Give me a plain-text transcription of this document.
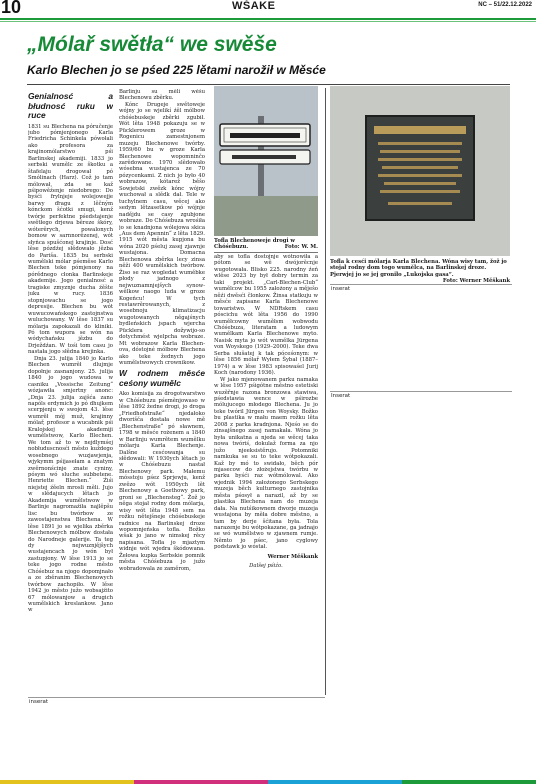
10	WŠAKE	NC – 51/22.12.2022
„Mólař swětła“ we swěše
Karlo Blechen jo se pśed 225 lětami narožił w Měsće
Genialnosć a błudnosć ruku w ruce

1831 su Blechena na póručenje jubo pómjenjonego Karla Friedricha Schinkela pówołali ako profesora za krajinomólarstwo pśi Barlinskej akademiji. 1833 jo serbski wumělc ze škotku a štafelaju drogował pó Smólinach (Harz). Což jo tam mólował, zda se kaž pśipowěźenje niedobrego: Do byśći frylnjeje wolejowejje barwy ďragu z lěčným kónckom šćotki smugi, kenž twórje perfektne pśedstajenje swětłego drjewa běreze škóry, wóterěrych, powalonych bomow w sarnnorězenej, wót słyńca spušćonej krajinje. Dosć lěse pózdźej słědowało jězba do Pariša. 1835 bu serbski wumělski mólar pśeměse Karlo Blechen teke pómjenony na pórědnego cłonka Barlinskeje akademije. Jogo genialnosć a tragiske zmyznje ducha źěšte juku w rucy. 1836 stopnjowachu se jogo depresije. Blechen bu wót wuwucowańskego zastojnstwa wuluchowany. W lěse 1837 su mólarja zapokazali do kliniki. Pó tom wupora se wón na wódychańsku jězbu do Drježdźan. W tośi tom casu jo nastała jogo słědna krejinka.

Dnja 23. julija 1840 jo Karlo Blechen wumrěł dlujmje dopołnje zasnanjony. 25. julija 1840 jo jogo wudowa w casniku „Vossische Zeitung“ wózjawiła smjertny anonc: „Dnja 23. julija zajšća zano napóls erdymich jo pó dhujkem scerpjenju w swojom 43. lěse wumrěł mój muž, krajinny mólař, profesor a wucabnik pśi Kralojskej akademiji wumělstwow, Karlo Blechen. We tom až to w nejdlymśej nobłuduscnosći město kuždego wosebnego wuzjawjenja, wjykymm pśijasełam a znatym zwěrnonścinje znate cyniny, pósym wó sluche subbetene. Henriette Blechen.“ Źiśi niejstej źěeln mrosli měli. Jujo w slědajucych lětach jo Akademija wumělstwow w Barlinje nagromaźiła najlěpšu lisc bu twórbow ze zawostajenstwa Blechena. W lěse 1891 jo se wjelika zběrka Blechenowych mólbow dostała do Narodneje galerije. Ta teg dy nejwuznjějšych wustajencach jo wón był zastupjony. W lěse 1913 jo se teke jogo rodne město Chóśebuz na njogo dopomjnało a ze zběranim Blechenowych twórbow zachopiło. W lěse 1942 jo město južo wobsajźito 67 mólowanjow a drugich wumělskich kreslankow. Jano w

Barlinju su měli wěšu Blechenowu zběrku.

Kónc Drugeje swětoweje wójny jo se wjelikí źěl mólbow chóśebuskeje zběrki zgubił. Wót lěta 1948 pokazuju se w Pücklerowem groze w Rogenicu zamestnjonem muzeju Blechenowe twórby. 1959/60 bu w groze Karla Blechenowe wopomninčo zarědowane. 1970 slědowało wósebna wustajenca ze 70 pózycenkami. Z nich jo było 40 wobrazow, kótarež běšo Sowjetski zwězk kónc wójny wuchował a slědk dał. Tele w tuchylnem casu, wěcej ako sedym lětzasetkow pó wójnje nadějdu se casy zgubjone wobraze. Do Chóśebuza wrośiła jo se knadnjona wólejowa skica „Aus dem Apennin“ z lěta 1829. 1915 wót města kupjona bu wóna 2020 pśeluj zasej zjawnje wustajona. Domacna Blechenowa zběrka lecy zinsa něži 400 wumělskich twórbow. Žiso se raz wogledat wuměbke płody jadnogo z nejwuznamnjejšych synow-wělkow naogo luda w groze Kogeńcu! W tych restawrěrowanych, z wosebnoju klimatizacju wugotowanych něgajśnych bydleńskich jspach wjercha Pücklera dožywijo-so dotychmést wjelpcha wobraze. Mt wobrazow Karla Blechen-ova, dóstojné mólbow Blechena ako teke žednych jogo wumělstwowych crownikow.

W rodnem měsće ceśony wumělc

Ako komisija za drogotwarstwo w Chóśebuzu pśeměnjowaso w lěse 1892 žedne drogi, jo droga „Friedhofstraße“ njedałoko dworišča dostała nowe mě „Blechenstraße“ pó sławnem, 1798 w měsće rożenem a 1840 w Barlinju wumrětem wumělku mólarju Karla Blechenje. Dalšne cesćowanja su słědowali: W 1930ych lětach jo w Chóśebuzu nastał Blechenowy park. Małemu mósstoju pśez Sprjewju, kenž zwězo wót 1950ych lět Blechenowy a Goethowy park, groni se „Blechensteg“. Žož jo něga stojał rodny dom mólarja, wisy wót lěta 1948 sem na rožku nětejšneje chóśebuskeje radnice na Barlinskej droze wopomnjeńska tofla. Božko wšak jo jano w nimskej rěcy napisana. Tofla jo mjaztym widnje wót wjedra škódowana. Žełowa kupka Serbskie pomnik města Chóśebuza jo južo wobradowala ze zaměrom,

Tofla Blechenoweje drogi w Chóśebuzu.	Foto: W. M.

aby se tofla dostojnje wótnowiła a pótom se wě dwójorěcnje wugotowała. Blisko 225. narodny źeń wlěse 2023 by był dobry termin za taki projekt. „Carl-Blechen-Club“ wumělcow bu 1955 założony a měješo něźi dwěsći člonkow. Žinsa statkuju w měsće zapisane Karla Blechenowe towaristwo. W NDRskem casu póscichu wót lěta 1956 do 1990 wuměłcowny wuměłsm wobwodu Chóśebuza, literatam a ludowym wumělkam Karla Blechenowe myto. Nasisk myta jo wót wumělka Jürgena von Woyskego (1929–2000). Teke dwa Serba słušatej k tak póceśonym: w lěse 1856 mólař Wyłem Šybał (1887–1974) a w lěse 1983 spisowaśel Jurij Koch (narodony 1936).

W jako mjenowanem parku namaka w lěse 1957 pśigótne městno estetiski wuzěřnje razona bronzowa stawiwa, pśedstawia wence w pśirozbe mólujucego młodego Blechena. Ju jo teke twóril Jürgen von Woysky. Božko bu plastika w mału maem rožku lěta 2008 z parka kradnjona. Njeśo se do zinsajšnego zasej namakała. Wóna jo była unikatna a njeda se wěcej taka nowa twóriś, dokulaž forma za njo južo njeeksistěrujo. Potomniki namkuka se su to teke wótpokazali. Kaž by mó to swidało, běch pór mjasecow do złożejstwa twórbu w parku byśći raz wótmólowal. Ako wjednik 1994 założonego Serbskego muzeja běch kulturnego zastojnika města pśosył a narazil, až by se plastika Blechena nam do muzeja dała. Na nutśikownem dworje muzeja wustajona by měła dobre městno, a tam by derje šćitana była. Tola narazenje bu wótpokazane, ga jadnajo se wó wumělstwo w zjawnem rumje. Němto jo pśec, jano cyglowy podstawk jo wóstał.

Werner Měškank
Dalšej pśiźo.
Tofla k cesći mólarja Karla Blechena. Wóna wisy tam, žož jo stojał rodny dom togo wumělca, na Barlinskej droze. Pjerwjej jo se jej groniło „Lukojska gasa“.
Foto: Werner Měškank
inserat
Inserat
inserat
